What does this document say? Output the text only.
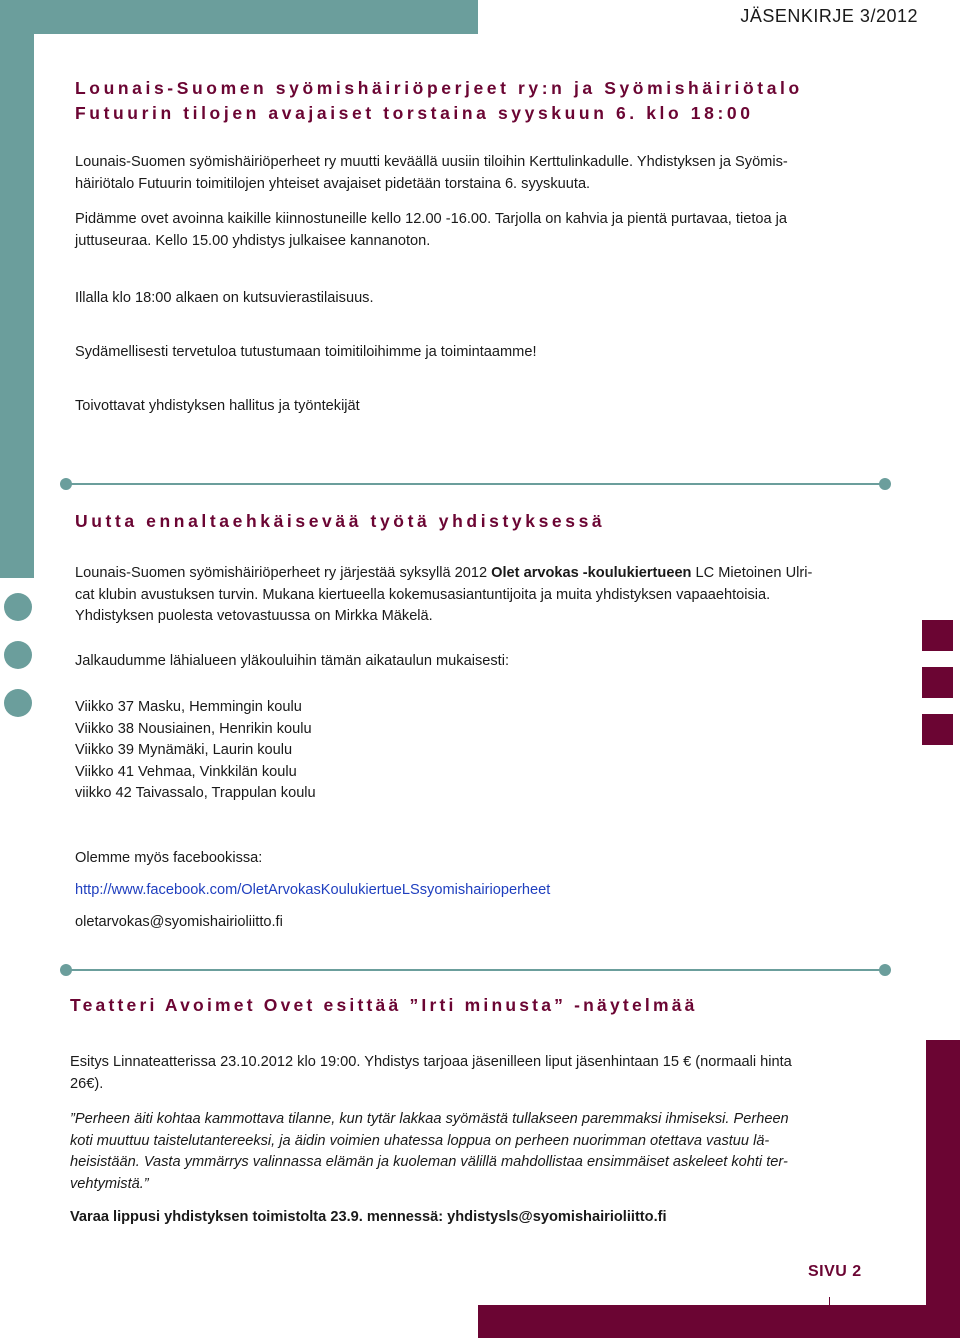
JÄSENKIRJE 3/2012

Lounais-Suomen syömishäiriöperjeet ry:n ja Syömishäiriötalo

Futuurin tilojen avajaiset torstaina syyskuun 6. klo 18:00

Lounais-Suomen syömishäiriöperheet ry muutti keväällä uusiin tiloihin Kerttulinkadulle. Yhdistyksen ja Syömis-
häiriötalo Futuurin toimitilojen yhteiset avajaiset pidetään torstaina 6. syyskuuta.
Pidämme ovet avoinna kaikille kiinnostuneille kello 12.00 -16.00. Tarjolla on kahvia ja pientä purtavaa, tietoa ja
juttuseuraa. Kello 15.00 yhdistys julkaisee kannanoton.

Illalla klo 18:00 alkaen on kutsuvierastilaisuus.

Sydämellisesti tervetuloa tutustumaan toimitiloihimme ja toimintaamme!

Toivottavat yhdistyksen hallitus ja työntekijät

Uutta ennaltaehkäisevää työtä yhdistyksessä

Lounais-Suomen syömishäiriöperheet ry järjestää syksyllä 2012 Olet arvokas -koulukiertueen LC Mietoinen Ulri-
cat klubin avustuksen turvin. Mukana kiertueella kokemusasiantuntijoita ja muita yhdistyksen vapaaehtoisia.
Yhdistyksen puolesta vetovastuussa on Mirkka Mäkelä.

Jalkaudumme lähialueen yläkouluihin tämän aikataulun mukaisesti:

Viikko 37 Masku, Hemmingin koulu
Viikko 38 Nousiainen, Henrikin koulu
Viikko 39 Mynämäki, Laurin koulu
Viikko 41 Vehmaa, Vinkkilän koulu
viikko 42 Taivassalo, Trappulan koulu

Olemme myös facebookissa:

http://www.facebook.com/OletArvokasKoulukiertueLSsyomishairioperheet

oletarvokas@syomishairioliitto.fi

Teatteri Avoimet Ovet esittää ”Irti minusta” -näytelmää

Esitys Linnateatterissa 23.10.2012 klo 19:00. Yhdistys tarjoaa jäsenilleen liput jäsenhintaan 15 € (normaali hinta
26€).
”Perheen äiti kohtaa kammottava tilanne, kun tytär lakkaa syömästä tullakseen paremmaksi ihmiseksi. Perheen
koti muuttuu taistelutantereeksi, ja äidin voimien uhatessa loppua on perheen nuorimman otettava vastuu lä-
heisistään. Vasta ymmärrys valinnassa elämän ja kuoleman välillä mahdollistaa ensimmäiset askeleet kohti ter-
vehtymistä.”

Varaa lippusi yhdistyksen toimistolta 23.9. mennessä: yhdistysls@syomishairioliitto.fi

SIVU 2
